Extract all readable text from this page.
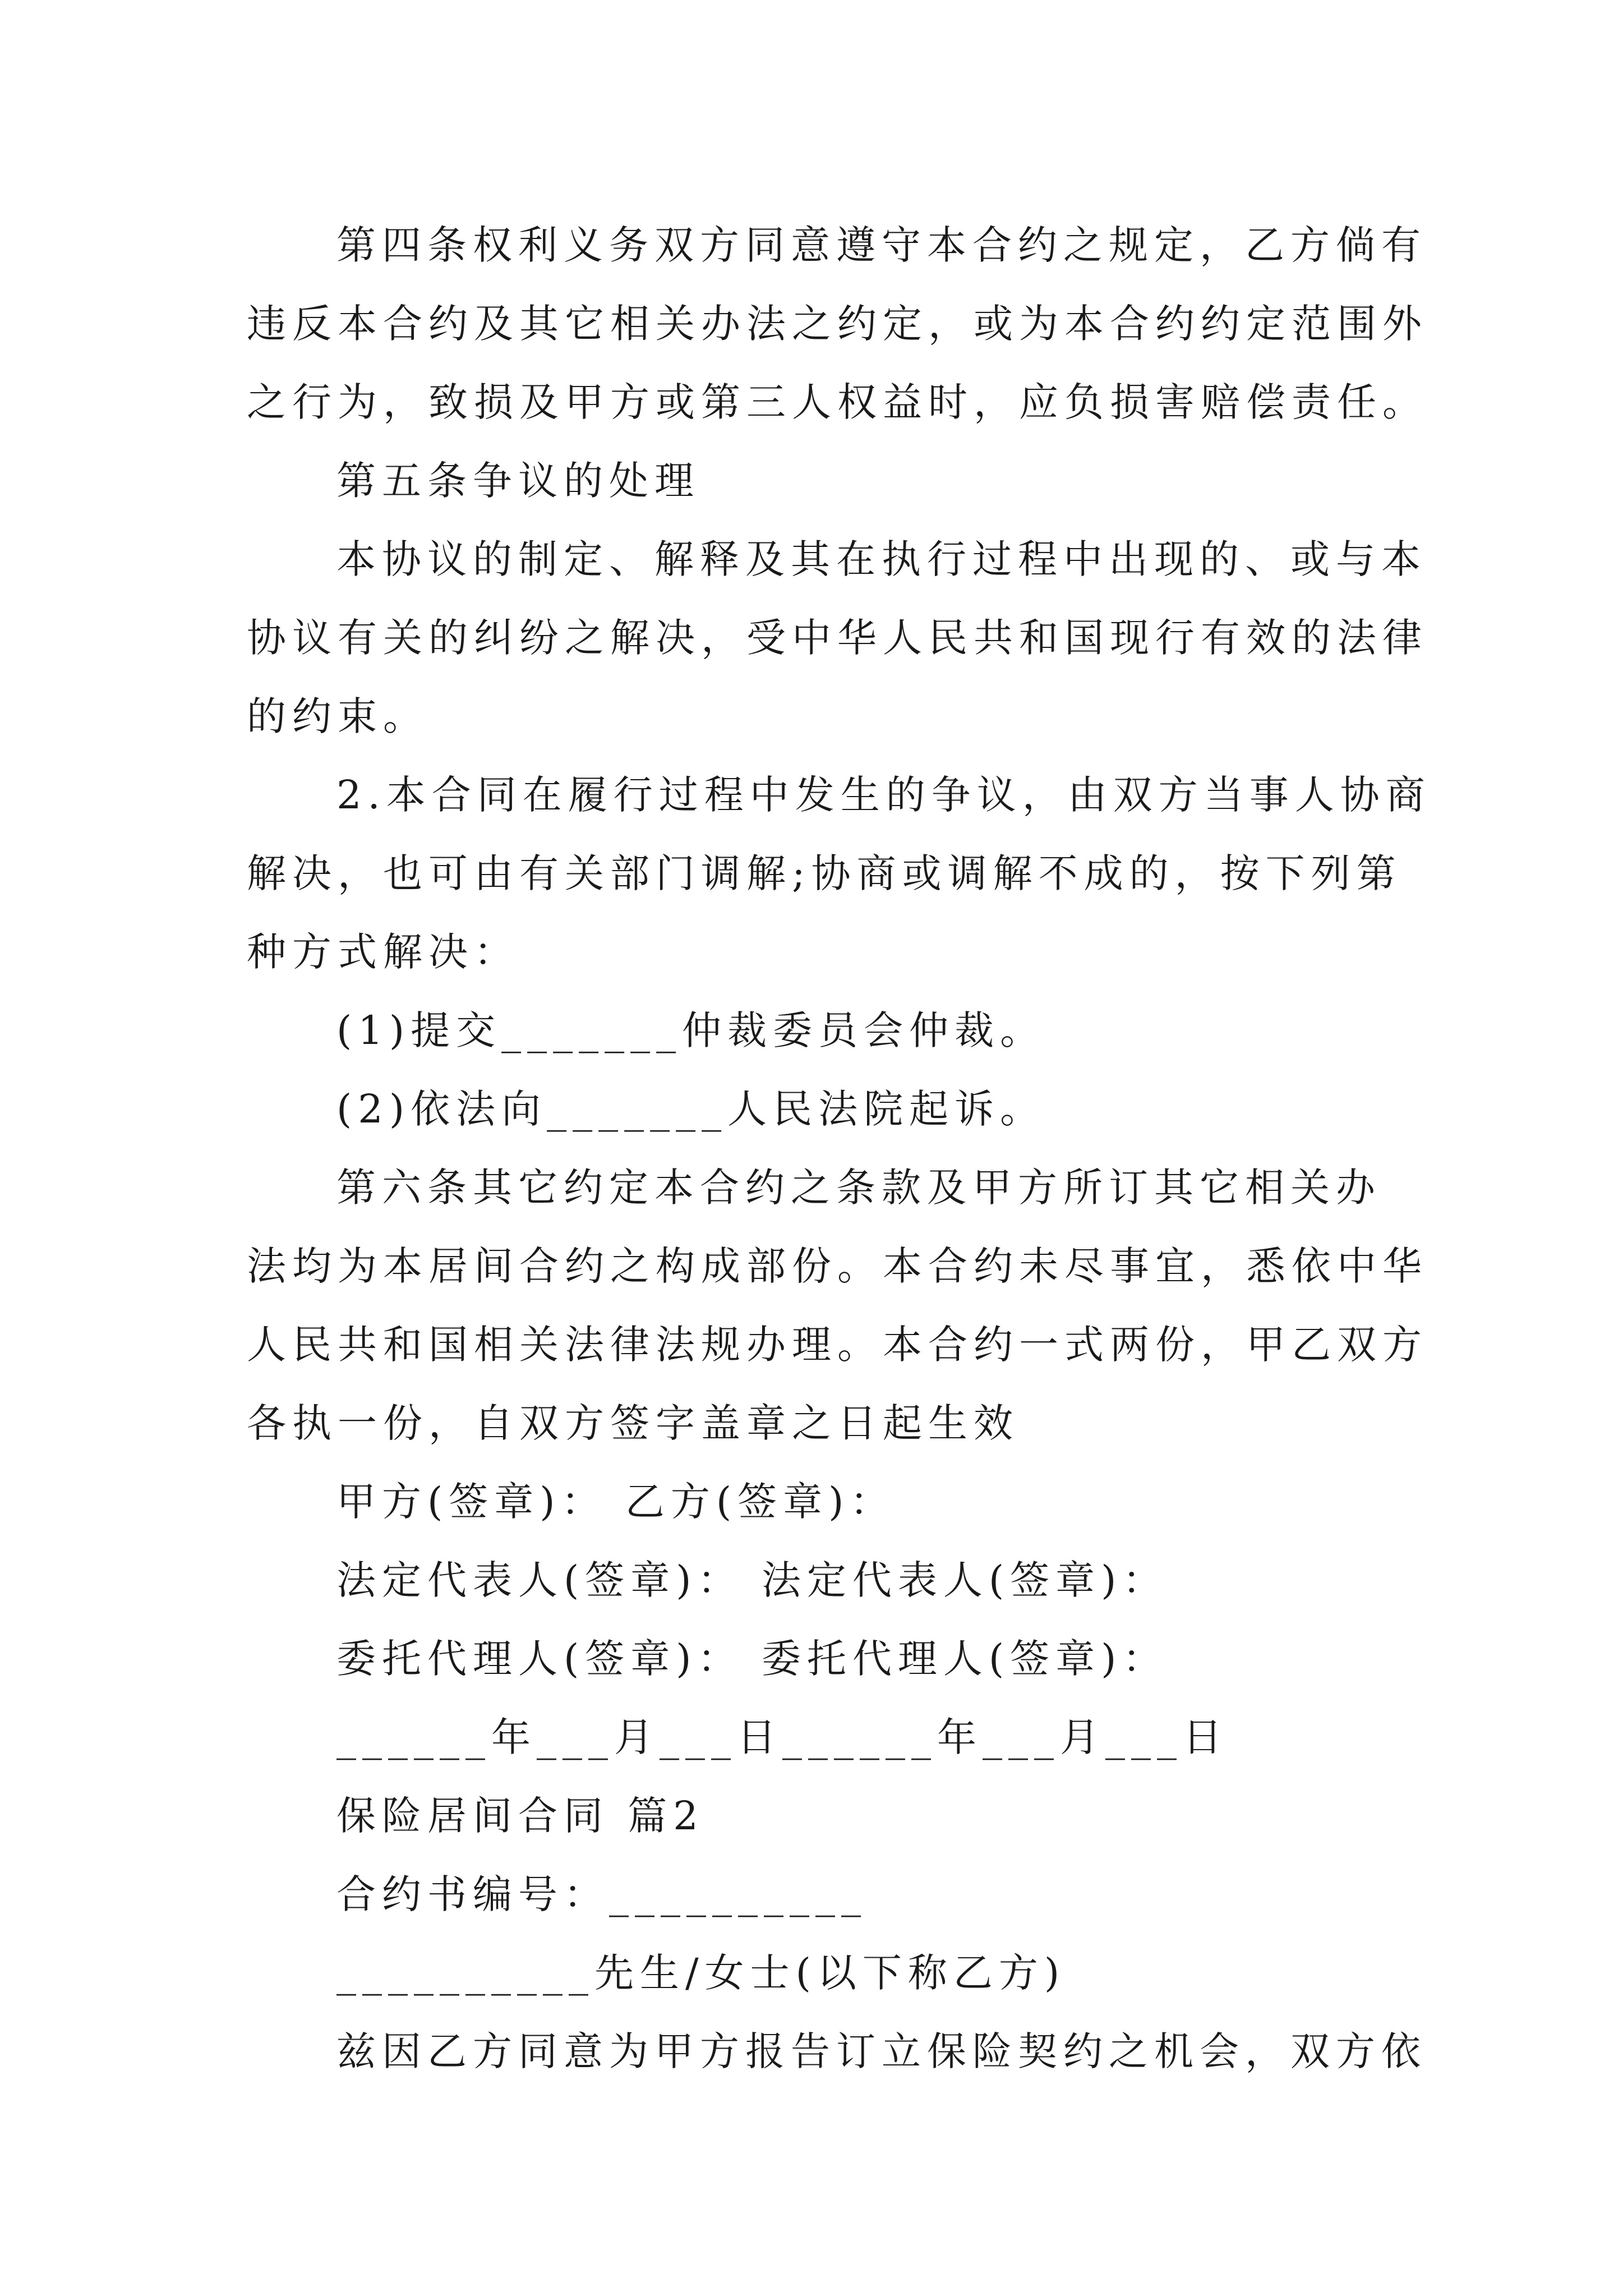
第四条权利义务双方同意遵守本合约之规定，乙方倘有
违反本合约及其它相关办法之约定，或为本合约约定范围外
之行为，致损及甲方或第三人权益时，应负损害赔偿责任。
第五条争议的处理
本协议的制定、解释及其在执行过程中出现的、或与本
协议有关的纠纷之解决，受中华人民共和国现行有效的法律
的约束。
2.本合同在履行过程中发生的争议，由双方当事人协商
解决，也可由有关部门调解;协商或调解不成的，按下列第
种方式解决：
(1)提交_______仲裁委员会仲裁。
(2)依法向_______人民法院起诉。
第六条其它约定本合约之条款及甲方所订其它相关办
法均为本居间合约之构成部份。本合约未尽事宜，悉依中华
人民共和国相关法律法规办理。本合约一式两份，甲乙双方
各执一份，自双方签字盖章之日起生效
甲方(签章)： 乙方(签章)：
法定代表人(签章)： 法定代表人(签章)：
委托代理人(签章)： 委托代理人(签章)：
______年___月___日______年___月___日
保险居间合同 篇2
合约书编号：__________
__________先生/女士(以下称乙方)
兹因乙方同意为甲方报告订立保险契约之机会，双方依
